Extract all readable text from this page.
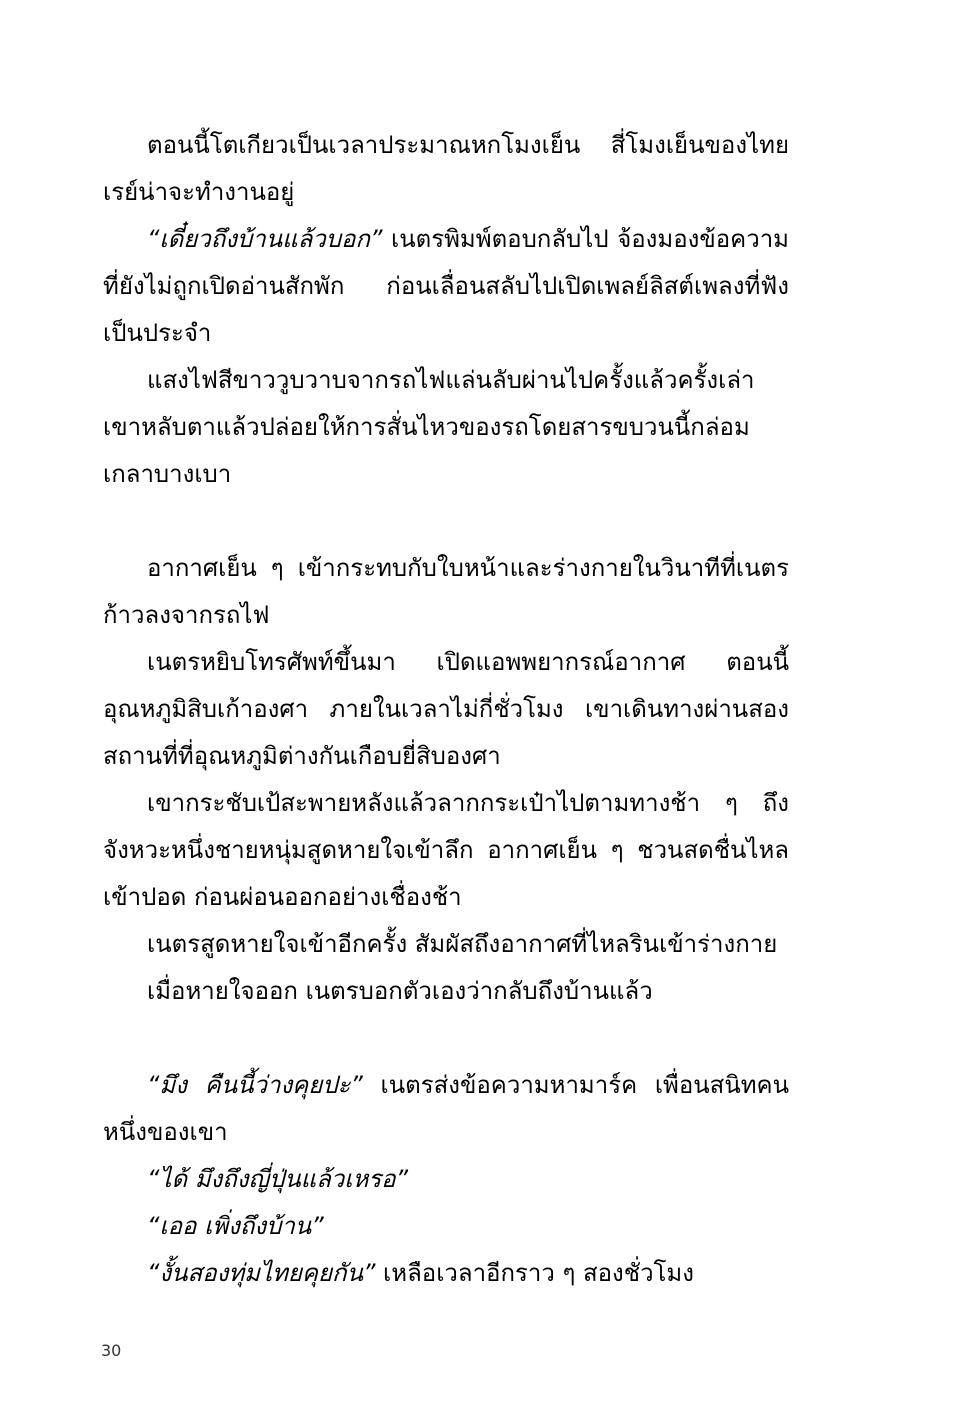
ตอนนี้โตเกียวเป็นเวลาประมาณหกโมงเย็น สี่โมงเย็นของไทย เรย์น่าจะทำงานอยู่

“เดี๋ยวถึงบ้านแล้วบอก” เนตรพิมพ์ตอบกลับไป จ้องมองข้อความที่ยังไม่ถูกเปิดอ่านสักพัก ก่อนเลื่อนสลับไปเปิดเพลย์ลิสต์เพลงที่ฟังเป็นประจำ

แสงไฟสีขาววูบวาบจากรถไฟแล่นลับผ่านไปครั้งแล้วครั้งเล่า เขาหลับตาแล้วปล่อยให้การสั่นไหวของรถโดยสารขบวนนี้กล่อมเกลาบางเบา

อากาศเย็น ๆ เข้ากระทบกับใบหน้าและร่างกายในวินาทีที่เนตรก้าวลงจากรถไฟ

เนตรหยิบโทรศัพท์ขึ้นมา เปิดแอพพยากรณ์อากาศ ตอนนี้อุณหภูมิสิบเก้าองศา ภายในเวลาไม่กี่ชั่วโมง เขาเดินทางผ่านสองสถานที่ที่อุณหภูมิต่างกันเกือบยี่สิบองศา

เขากระชับเป้สะพายหลังแล้วลากกระเป๋าไปตามทางช้า ๆ ถึงจังหวะหนึ่งชายหนุ่มสูดหายใจเข้าลึก อากาศเย็น ๆ ชวนสดชื่นไหลเข้าปอด ก่อนผ่อนออกอย่างเชื่องช้า

เนตรสูดหายใจเข้าอีกครั้ง สัมผัสถึงอากาศที่ไหลรินเข้าร่างกาย

เมื่อหายใจออก เนตรบอกตัวเองว่ากลับถึงบ้านแล้ว

“มึง คืนนี้ว่างคุยปะ” เนตรส่งข้อความหามาร์ค เพื่อนสนิทคนหนึ่งของเขา

“ได้ มึงถึงญี่ปุ่นแล้วเหรอ”

“เออ เพิ่งถึงบ้าน”

“งั้นสองทุ่มไทยคุยกัน” เหลือเวลาอีกราว ๆ สองชั่วโมง

30
